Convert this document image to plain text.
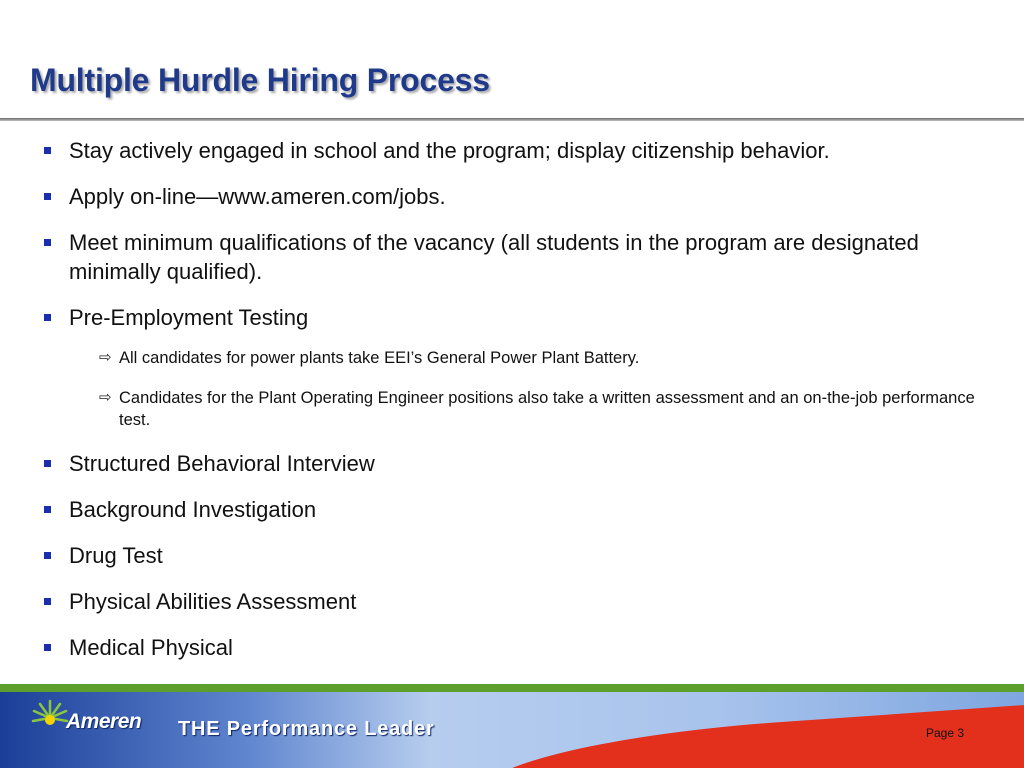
Multiple Hurdle Hiring Process
Stay actively engaged in school and the program; display citizenship behavior.
Apply on-line—www.ameren.com/jobs.
Meet minimum qualifications of the vacancy (all students in the program are designated minimally qualified).
Pre-Employment Testing
⇨ All candidates for power plants take EEI’s General Power Plant Battery.
⇨ Candidates for the Plant Operating Engineer positions also take a written assessment and an on-the-job performance test.
Structured Behavioral Interview
Background Investigation
Drug Test
Physical Abilities Assessment
Medical Physical
Ameren THE Performance Leader	Page 3
